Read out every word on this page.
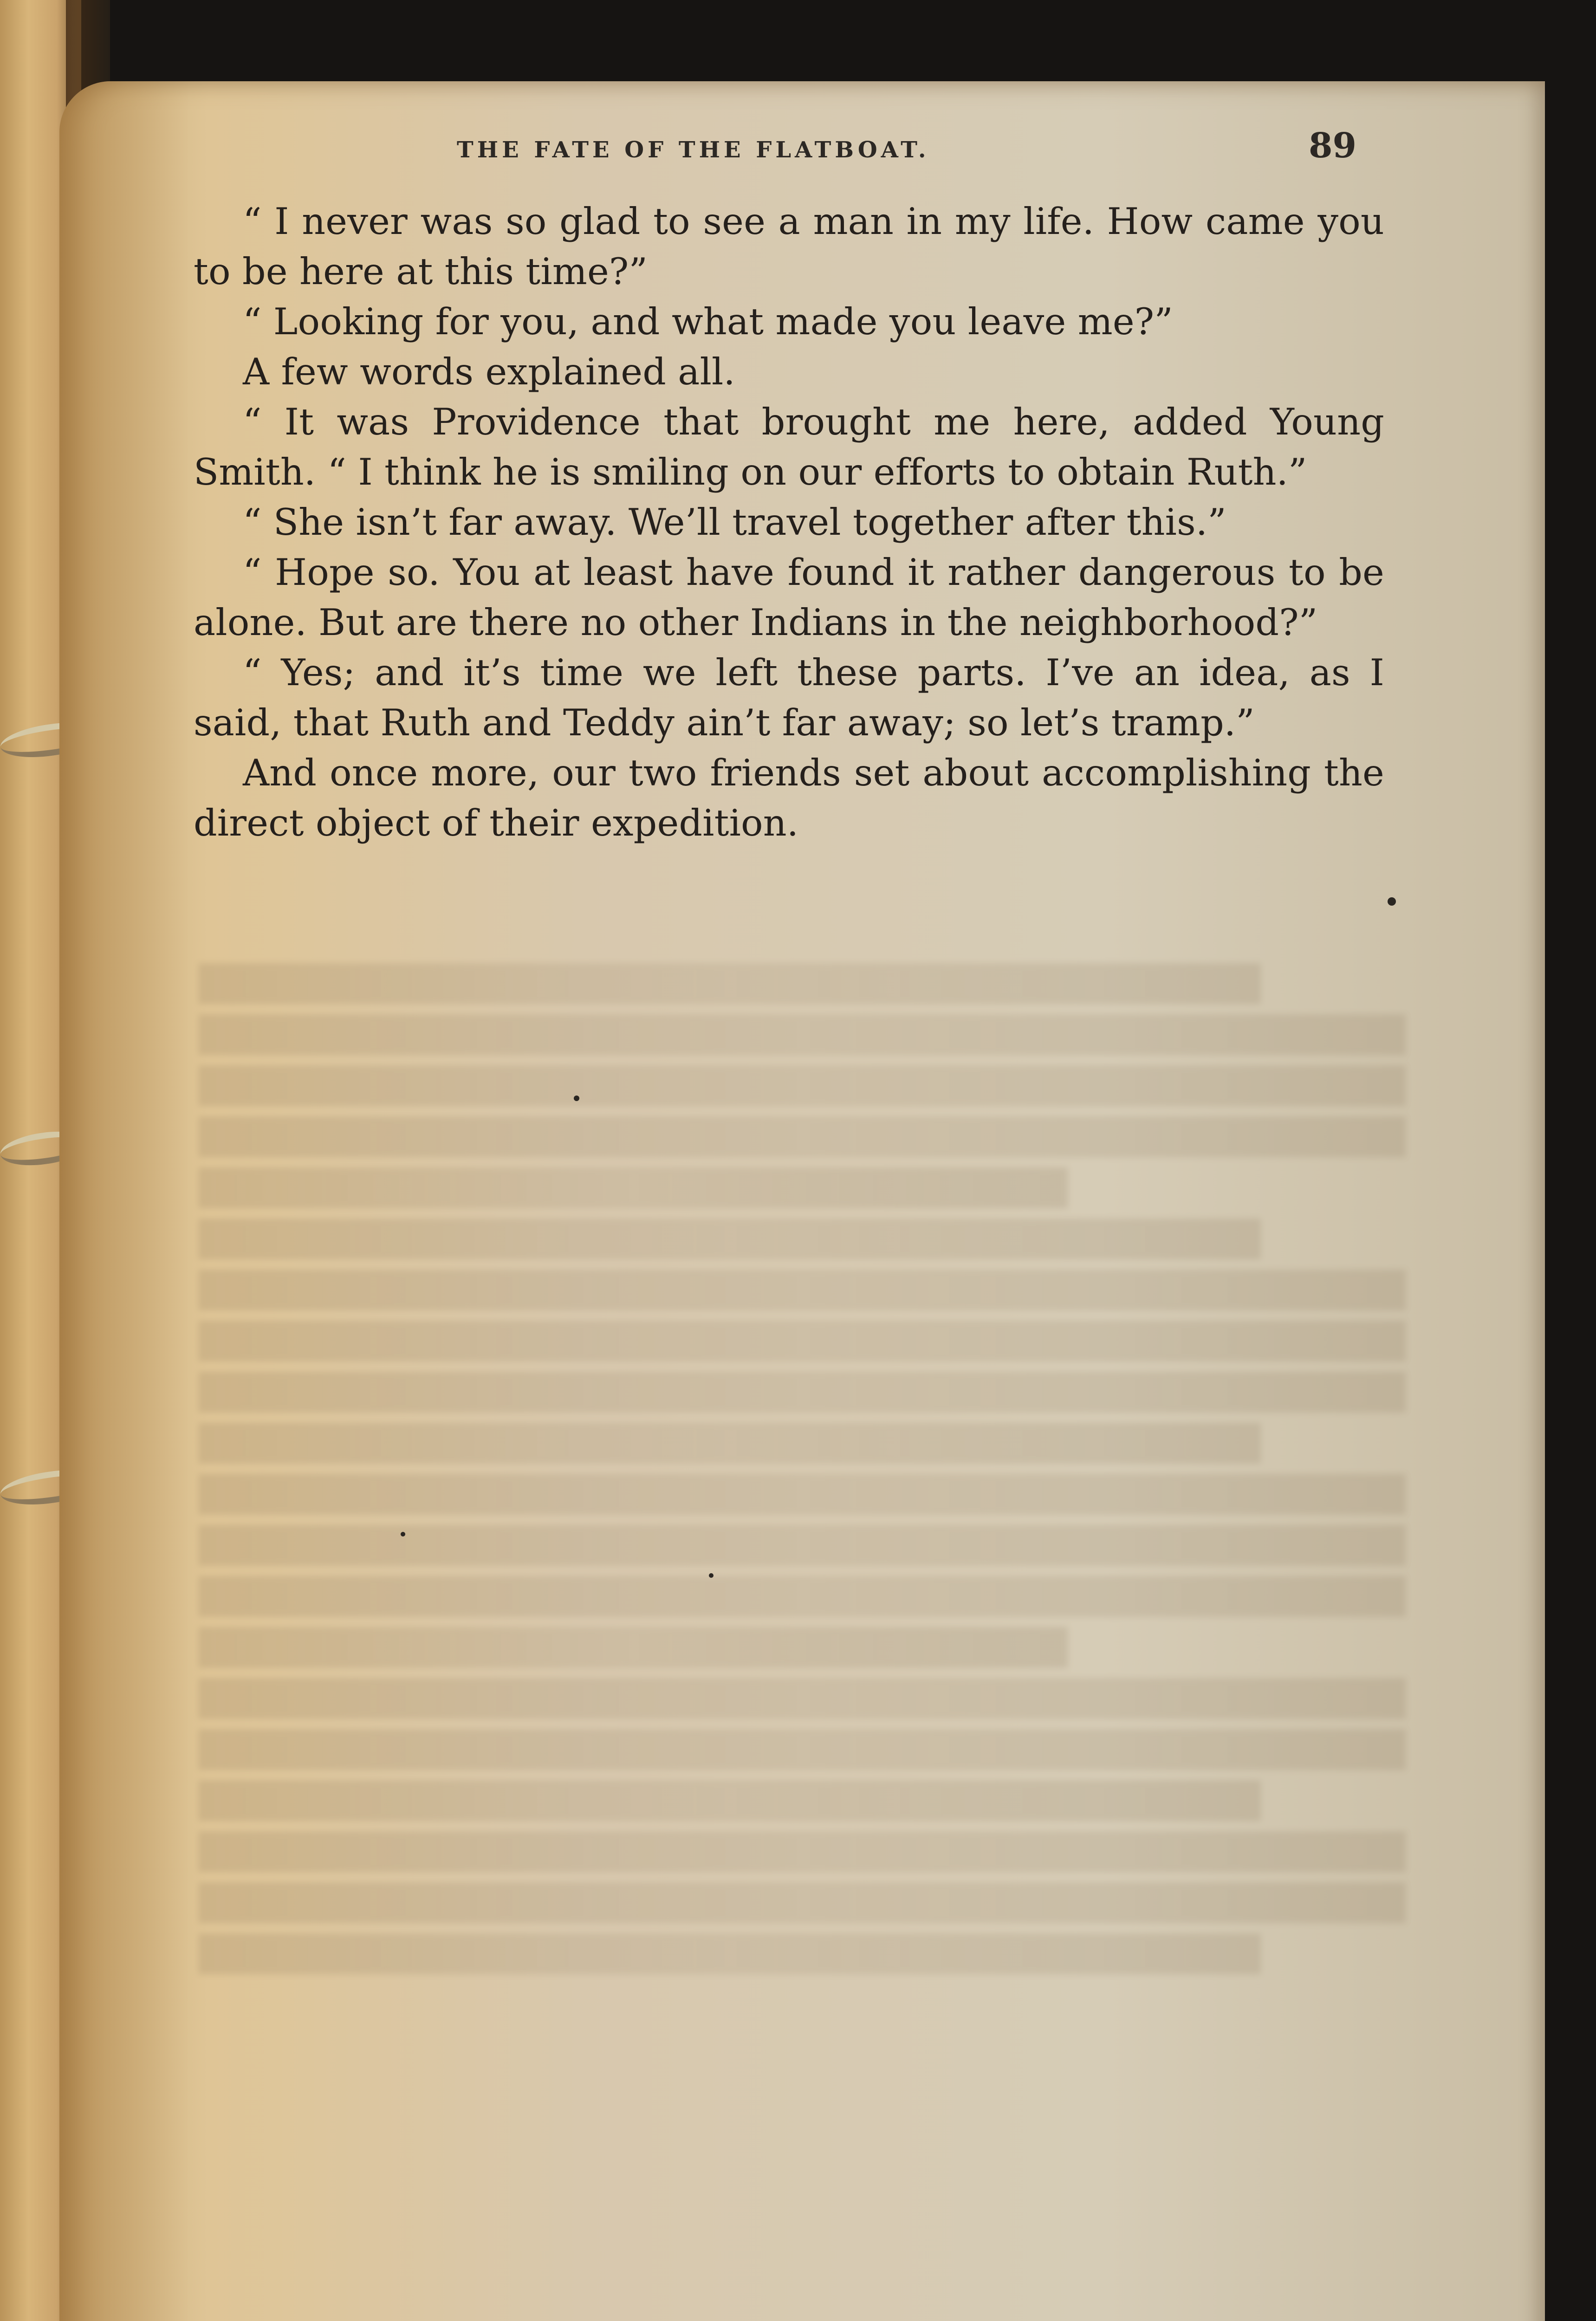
THE FATE OF THE FLATBOAT.	89

“ I never was so glad to see a man in my life. How came you to be here at this time?”

“ Looking for you, and what made you leave me?”

A few words explained all.

“ It was Providence that brought me here, added Young Smith. “ I think he is smiling on our efforts to obtain Ruth.”

“ She isn’t far away. We’ll travel together after this.”

“ Hope so. You at least have found it rather dangerous to be alone. But are there no other Indians in the neighborhood?”

“ Yes; and it’s time we left these parts. I’ve an idea, as I said, that Ruth and Teddy ain’t far away; so let’s tramp.”

And once more, our two friends set about accomplishing the direct object of their expedition.
